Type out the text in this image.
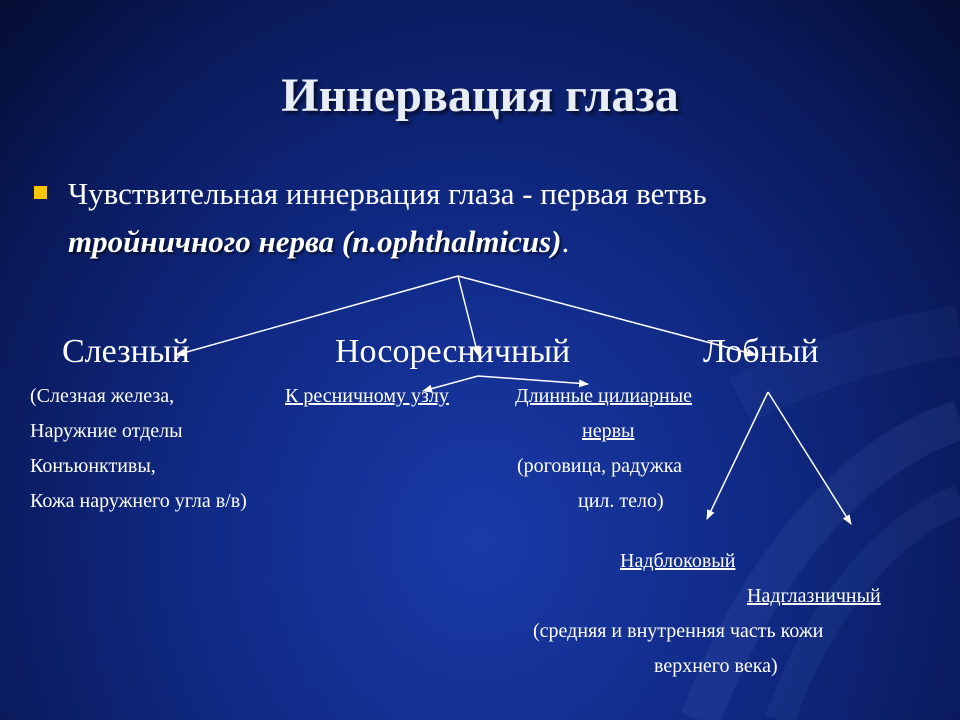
Иннервация глаза
Чувствительная иннервация глаза - первая ветвь
тройничного нерва (n.ophthalmicus).
Слезный	Носоресничный	Лобный
(Слезная железа,
Наружние отделы
Конъюнктивы,
Кожа наружнего угла в/в)
К ресничному узлу	Длинные цилиарные
нервы
(роговица, радужка
цил. тело)
Надблоковый
Надглазничный
(средняя и внутренняя часть кожи
верхнего века)
